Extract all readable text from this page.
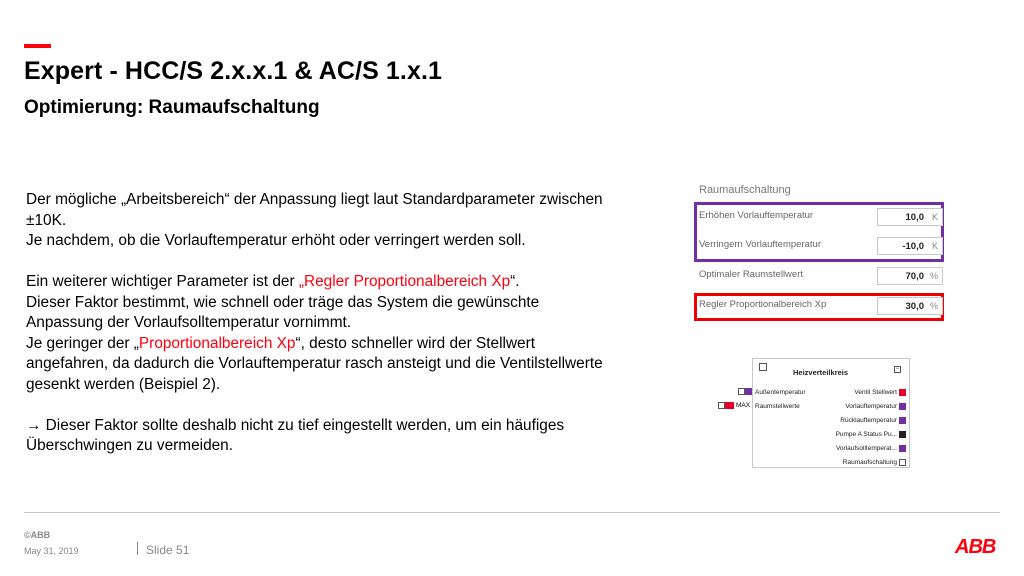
Expert - HCC/S 2.x.x.1 & AC/S 1.x.1
Optimierung: Raumaufschaltung

Der mögliche „Arbeitsbereich“ der Anpassung liegt laut Standardparameter zwischen

±10K.

Je nachdem, ob die Vorlauftemperatur erhöht oder verringert werden soll.

Ein weiterer wichtiger Parameter ist der „Regler Proportionalbereich Xp“.

Dieser Faktor bestimmt, wie schnell oder träge das System die gewünschte

Anpassung der Vorlaufsolltemperatur vornimmt.

Je geringer der „Proportionalbereich Xp“, desto schneller wird der Stellwert

angefahren, da dadurch die Vorlauftemperatur rasch ansteigt und die Ventilstellwerte

gesenkt werden (Beispiel 2).

→ Dieser Faktor sollte deshalb nicht zu tief eingestellt werden, um ein häufiges

Überschwingen zu vermeiden.

Raumaufschaltung
Erhöhen Vorlauftemperatur	10,0 K
Verringern Vorlauftemperatur	-10,0 K
Optimaler Raumstellwert	70,0 %
Regler Proportionalbereich Xp	30,0 %
Heizverteilkreis	−
Außentemperatur
Raumstellwerte
Ventil Stellwert
Vorlauftemperatur
Rücklauftemperatur
Pumpe A Status Pu...
Vorlaufsolltemperat...
Raumaufschaltung
MAX
©ABB
May 31, 2019	Slide 51	ABB
